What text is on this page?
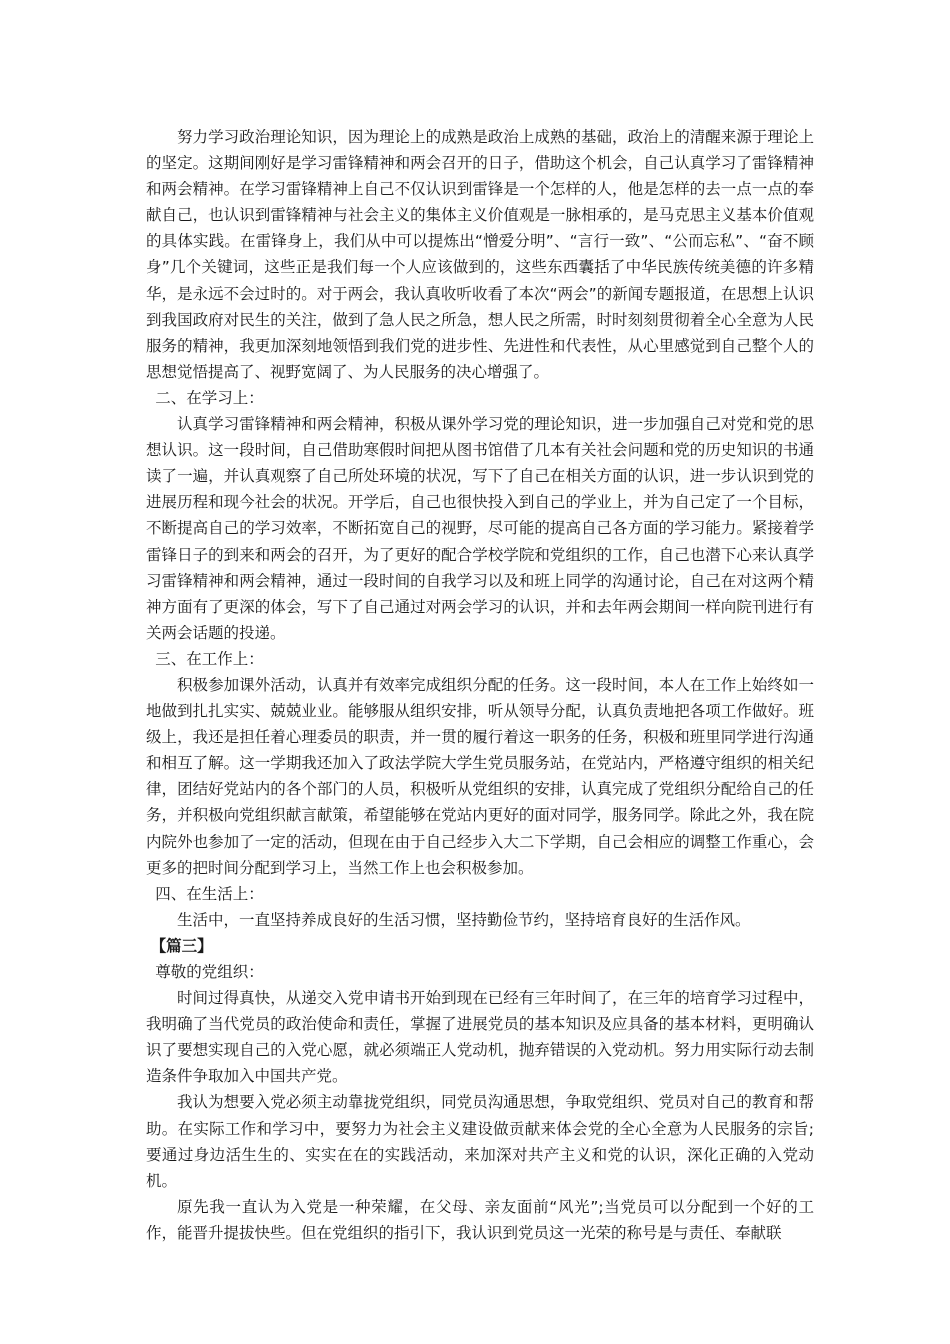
努力学习政治理论知识，因为理论上的成熟是政治上成熟的基础，政治上的清醒来源于理论上的坚定。这期间刚好是学习雷锋精神和两会召开的日子，借助这个机会，自己认真学习了雷锋精神和两会精神。在学习雷锋精神上自己不仅认识到雷锋是一个怎样的人，他是怎样的去一点一点的奉献自己，也认识到雷锋精神与社会主义的集体主义价值观是一脉相承的，是马克思主义基本价值观的具体实践。在雷锋身上，我们从中可以提炼出“憎爱分明”、“言行一致”、“公而忘私”、“奋不顾身”几个关键词，这些正是我们每一个人应该做到的，这些东西囊括了中华民族传统美德的许多精华，是永远不会过时的。对于两会，我认真收听收看了本次“两会”的新闻专题报道，在思想上认识到我国政府对民生的关注，做到了急人民之所急，想人民之所需，时时刻刻贯彻着全心全意为人民服务的精神，我更加深刻地领悟到我们党的进步性、先进性和代表性，从心里感觉到自己整个人的思想觉悟提高了、视野宽阔了、为人民服务的决心增强了。

二、在学习上：

认真学习雷锋精神和两会精神，积极从课外学习党的理论知识，进一步加强自己对党和党的思想认识。这一段时间，自己借助寒假时间把从图书馆借了几本有关社会问题和党的历史知识的书通读了一遍，并认真观察了自己所处环境的状况，写下了自己在相关方面的认识，进一步认识到党的进展历程和现今社会的状况。开学后，自己也很快投入到自己的学业上，并为自己定了一个目标，不断提高自己的学习效率，不断拓宽自己的视野，尽可能的提高自己各方面的学习能力。紧接着学雷锋日子的到来和两会的召开，为了更好的配合学校学院和党组织的工作，自己也潜下心来认真学习雷锋精神和两会精神，通过一段时间的自我学习以及和班上同学的沟通讨论，自己在对这两个精神方面有了更深的体会，写下了自己通过对两会学习的认识，并和去年两会期间一样向院刊进行有关两会话题的投递。

三、在工作上：

积极参加课外活动，认真并有效率完成组织分配的任务。这一段时间，本人在工作上始终如一地做到扎扎实实、兢兢业业。能够服从组织安排，听从领导分配，认真负责地把各项工作做好。班级上，我还是担任着心理委员的职责，并一贯的履行着这一职务的任务，积极和班里同学进行沟通和相互了解。这一学期我还加入了政法学院大学生党员服务站，在党站内，严格遵守组织的相关纪律，团结好党站内的各个部门的人员，积极听从党组织的安排，认真完成了党组织分配给自己的任务，并积极向党组织献言献策，希望能够在党站内更好的面对同学，服务同学。除此之外，我在院内院外也参加了一定的活动，但现在由于自己经步入大二下学期，自己会相应的调整工作重心，会更多的把时间分配到学习上，当然工作上也会积极参加。

四、在生活上：

生活中，一直坚持养成良好的生活习惯，坚持勤俭节约，坚持培育良好的生活作风。

【篇三】

尊敬的党组织：

时间过得真快，从递交入党申请书开始到现在已经有三年时间了，在三年的培育学习过程中，我明确了当代党员的政治使命和责任，掌握了进展党员的基本知识及应具备的基本材料，更明确认识了要想实现自己的入党心愿，就必须端正人党动机，抛弃错误的入党动机。努力用实际行动去制造条件争取加入中国共产党。

我认为想要入党必须主动靠拢党组织，同党员沟通思想，争取党组织、党员对自己的教育和帮助。在实际工作和学习中，要努力为社会主义建设做贡献来体会党的全心全意为人民服务的宗旨;要通过身边活生生的、实实在在的实践活动，来加深对共产主义和党的认识，深化正确的入党动机。

原先我一直认为入党是一种荣耀，在父母、亲友面前“风光”;当党员可以分配到一个好的工作，能晋升提拔快些。但在党组织的指引下，我认识到党员这一光荣的称号是与责任、奉献联
